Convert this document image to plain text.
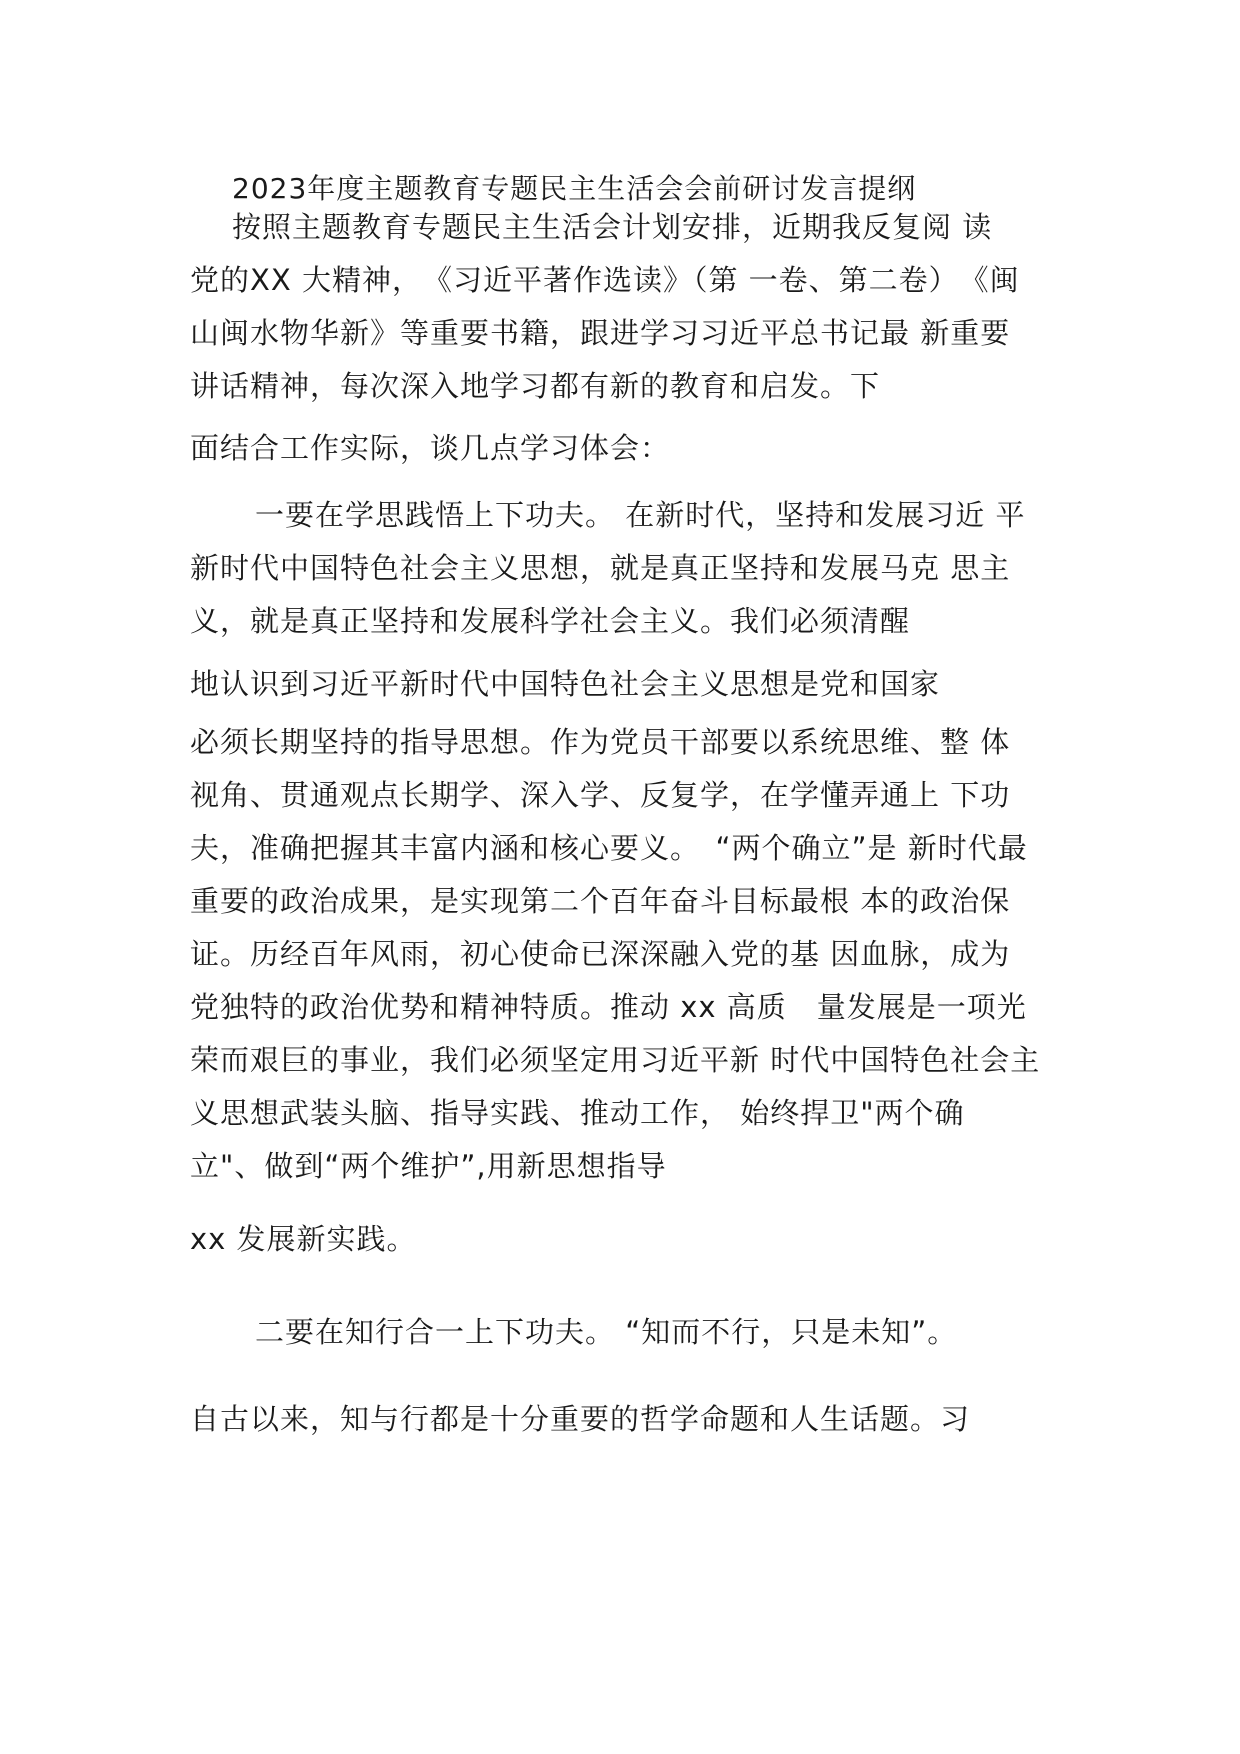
2023年度主题教育专题民主生活会会前研讨发言提纲
按照主题教育专题民主生活会计划安排，近期我反复阅 读
党的XX 大精神，　《习近平著作选读》（第 一卷、第二卷）　《闽
山闽水物华新》等重要书籍，跟进学习习近平总书记最 新重要
讲话精神，每次深入地学习都有新的教育和启发。下
面结合工作实际，谈几点学习体会：
一要在学思践悟上下功夫。 在新时代，坚持和发展习近 平
新时代中国特色社会主义思想，就是真正坚持和发展马克 思主
义，就是真正坚持和发展科学社会主义。我们必须清醒
地认识到习近平新时代中国特色社会主义思想是党和国家
必须长期坚持的指导思想。作为党员干部要以系统思维、整 体
视角、贯通观点长期学、深入学、反复学，在学懂弄通上 下功
夫，准确把握其丰富内涵和核心要义。　“两个确立”是 新时代最
重要的政治成果，是实现第二个百年奋斗目标最根 本的政治保
证。历经百年风雨，初心使命已深深融入党的基 因血脉，成为
党独特的政治优势和精神特质。推动 xx 高质　量发展是一项光
荣而艰巨的事业，我们必须坚定用习近平新 时代中国特色社会主
义思想武装头脑、指导实践、推动工作， 始终捍卫"两个确
立"、做到“两个维护”,用新思想指导
xx 发展新实践。
二要在知行合一上下功夫。 “知而不行，只是未知”。
自古以来，知与行都是十分重要的哲学命题和人生话题。习
